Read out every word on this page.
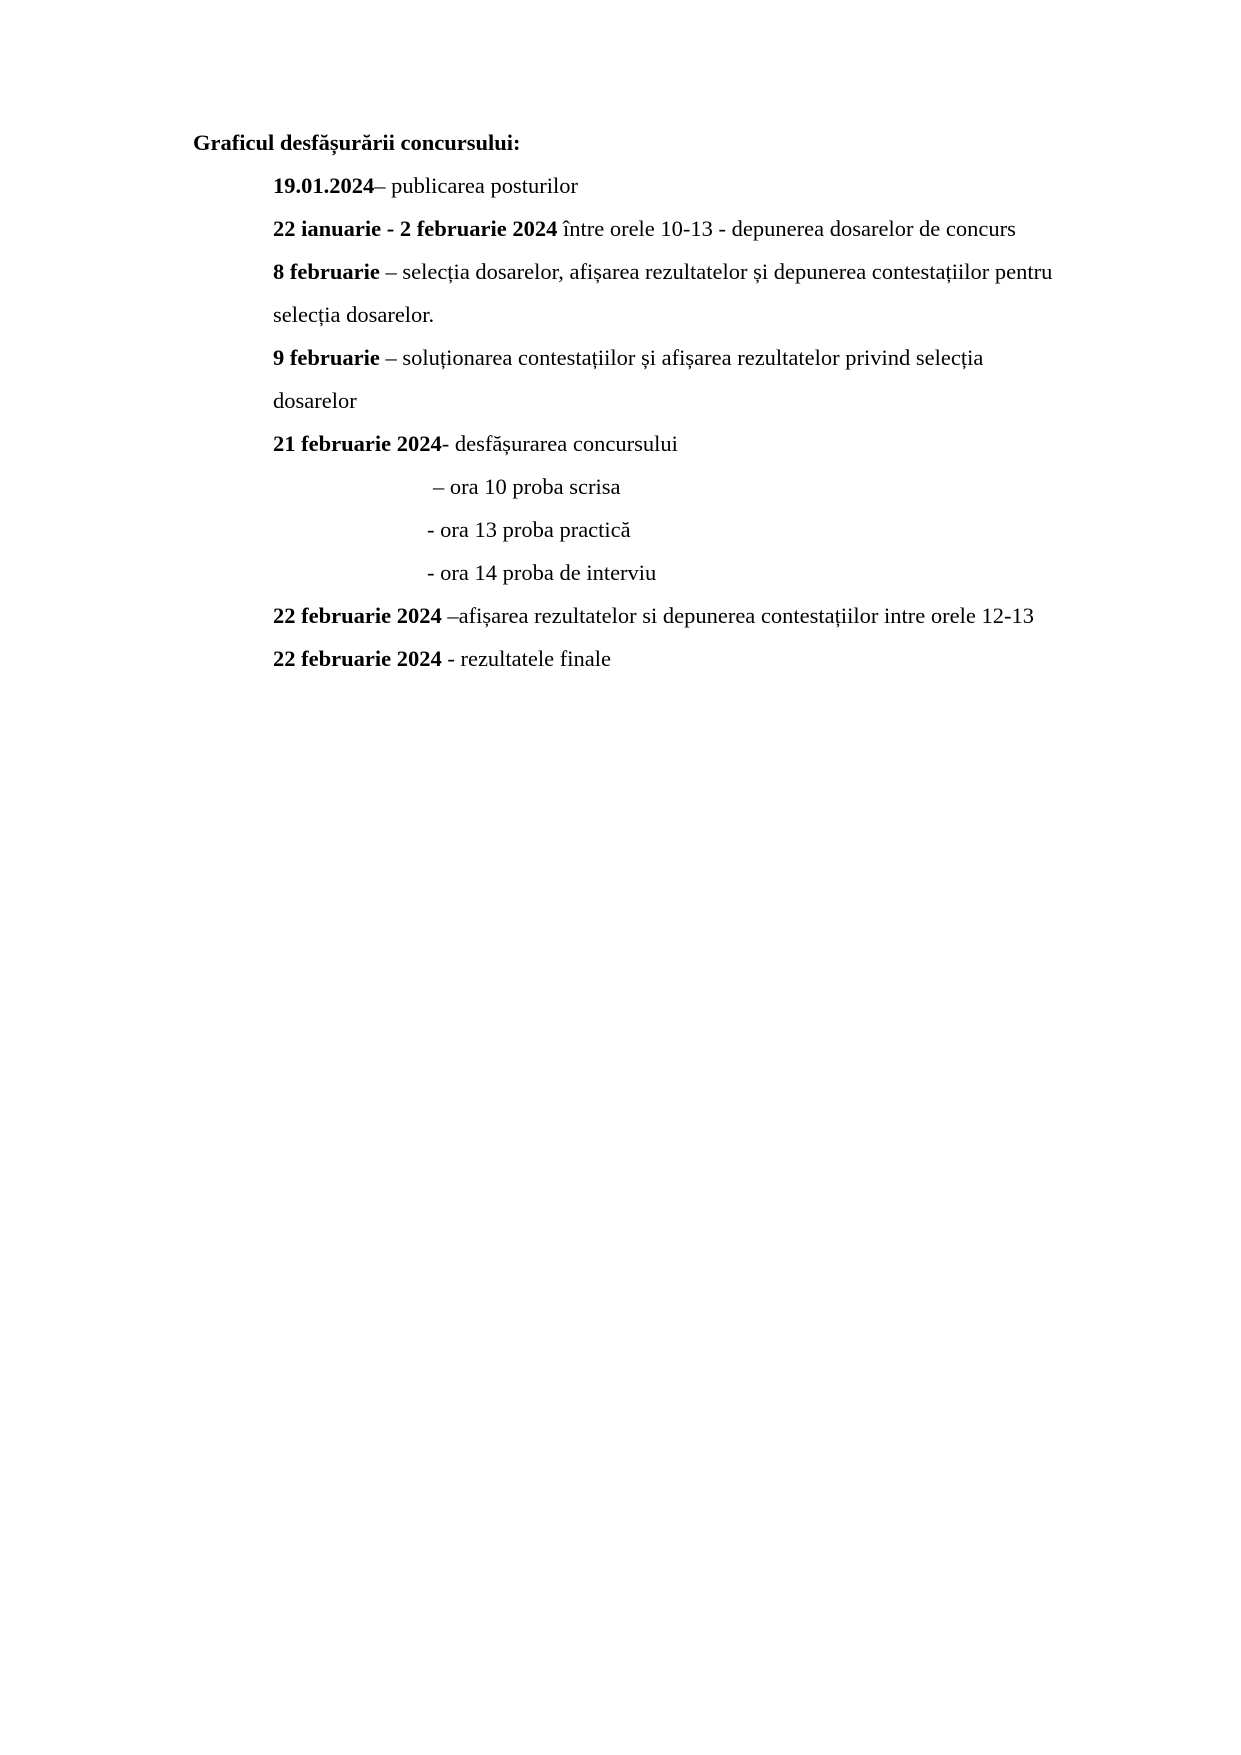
Graficul desfășurării concursului:
19.01.2024– publicarea posturilor
22 ianuarie - 2 februarie 2024 între orele 10-13 - depunerea dosarelor de concurs
8 februarie – selecția dosarelor, afișarea rezultatelor și depunerea contestațiilor pentru
selecția dosarelor.
9 februarie – soluționarea contestațiilor și afișarea rezultatelor privind selecția
dosarelor
21 februarie 2024- desfășurarea concursului
– ora 10 proba scrisa
- ora 13 proba practică
- ora 14 proba de interviu
22 februarie 2024 –afișarea rezultatelor si depunerea contestațiilor intre orele 12-13
22 februarie 2024 - rezultatele finale
